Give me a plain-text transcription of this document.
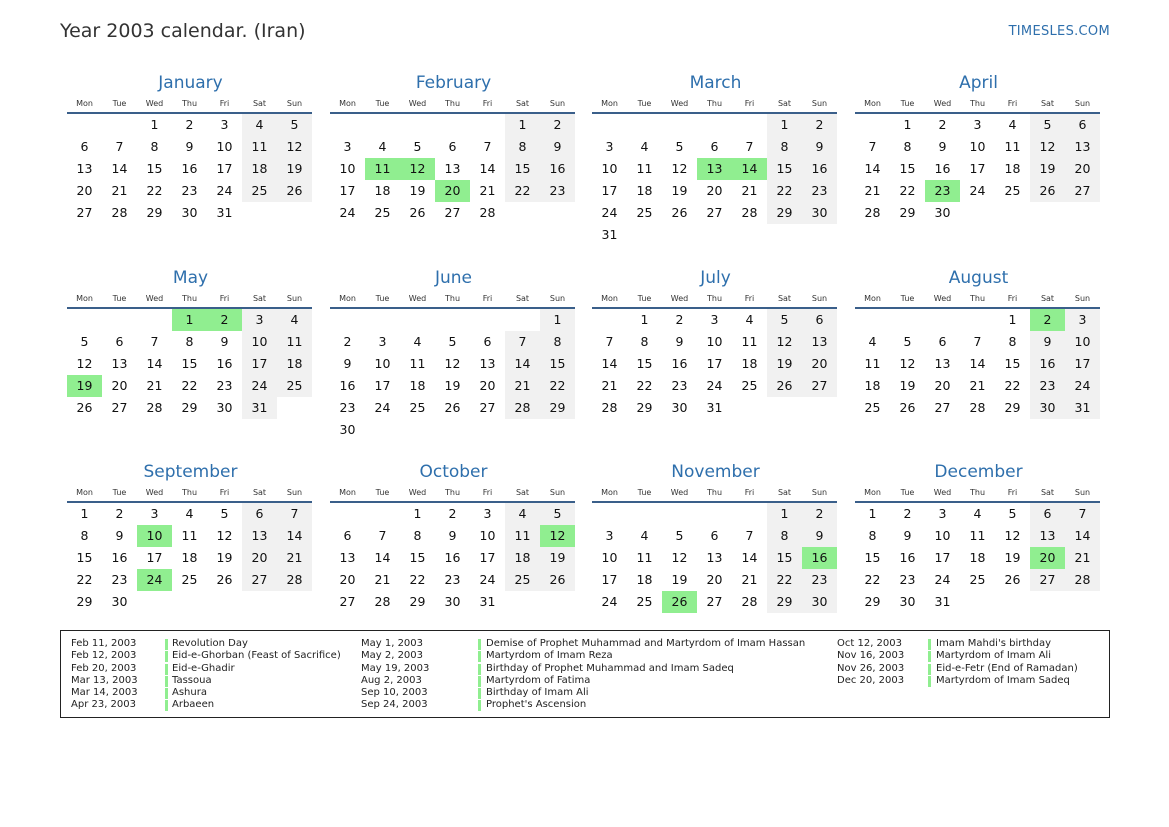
Year 2003 calendar. (Iran)	TIMESLES.COM
January
Mon	Tue	Wed	Thu	Fri	Sat	Sun
		1	2	3	4	5
6	7	8	9	10	11	12
13	14	15	16	17	18	19
20	21	22	23	24	25	26
27	28	29	30	31		
February
Mon	Tue	Wed	Thu	Fri	Sat	Sun
					1	2
3	4	5	6	7	8	9
10	11	12	13	14	15	16
17	18	19	20	21	22	23
24	25	26	27	28		
March
Mon	Tue	Wed	Thu	Fri	Sat	Sun
					1	2
3	4	5	6	7	8	9
10	11	12	13	14	15	16
17	18	19	20	21	22	23
24	25	26	27	28	29	30
31						
April
Mon	Tue	Wed	Thu	Fri	Sat	Sun
	1	2	3	4	5	6
7	8	9	10	11	12	13
14	15	16	17	18	19	20
21	22	23	24	25	26	27
28	29	30				
May
Mon	Tue	Wed	Thu	Fri	Sat	Sun
			1	2	3	4
5	6	7	8	9	10	11
12	13	14	15	16	17	18
19	20	21	22	23	24	25
26	27	28	29	30	31	
June
Mon	Tue	Wed	Thu	Fri	Sat	Sun
						1
2	3	4	5	6	7	8
9	10	11	12	13	14	15
16	17	18	19	20	21	22
23	24	25	26	27	28	29
30						
July
Mon	Tue	Wed	Thu	Fri	Sat	Sun
	1	2	3	4	5	6
7	8	9	10	11	12	13
14	15	16	17	18	19	20
21	22	23	24	25	26	27
28	29	30	31			
August
Mon	Tue	Wed	Thu	Fri	Sat	Sun
				1	2	3
4	5	6	7	8	9	10
11	12	13	14	15	16	17
18	19	20	21	22	23	24
25	26	27	28	29	30	31
September
Mon	Tue	Wed	Thu	Fri	Sat	Sun
1	2	3	4	5	6	7
8	9	10	11	12	13	14
15	16	17	18	19	20	21
22	23	24	25	26	27	28
29	30					
October
Mon	Tue	Wed	Thu	Fri	Sat	Sun
		1	2	3	4	5
6	7	8	9	10	11	12
13	14	15	16	17	18	19
20	21	22	23	24	25	26
27	28	29	30	31		
November
Mon	Tue	Wed	Thu	Fri	Sat	Sun
					1	2
3	4	5	6	7	8	9
10	11	12	13	14	15	16
17	18	19	20	21	22	23
24	25	26	27	28	29	30
December
Mon	Tue	Wed	Thu	Fri	Sat	Sun
1	2	3	4	5	6	7
8	9	10	11	12	13	14
15	16	17	18	19	20	21
22	23	24	25	26	27	28
29	30	31				
Feb 11, 2003	Revolution Day
Feb 12, 2003	Eid-e-Ghorban (Feast of Sacrifice)
Feb 20, 2003	Eid-e-Ghadir
Mar 13, 2003	Tassoua
Mar 14, 2003	Ashura
Apr 23, 2003	Arbaeen
May 1, 2003	Demise of Prophet Muhammad and Martyrdom of Imam Hassan
May 2, 2003	Martyrdom of Imam Reza
May 19, 2003	Birthday of Prophet Muhammad and Imam Sadeq
Aug 2, 2003	Martyrdom of Fatima
Sep 10, 2003	Birthday of Imam Ali
Sep 24, 2003	Prophet's Ascension
Oct 12, 2003	Imam Mahdi's birthday
Nov 16, 2003	Martyrdom of Imam Ali
Nov 26, 2003	Eid-e-Fetr (End of Ramadan)
Dec 20, 2003	Martyrdom of Imam Sadeq
